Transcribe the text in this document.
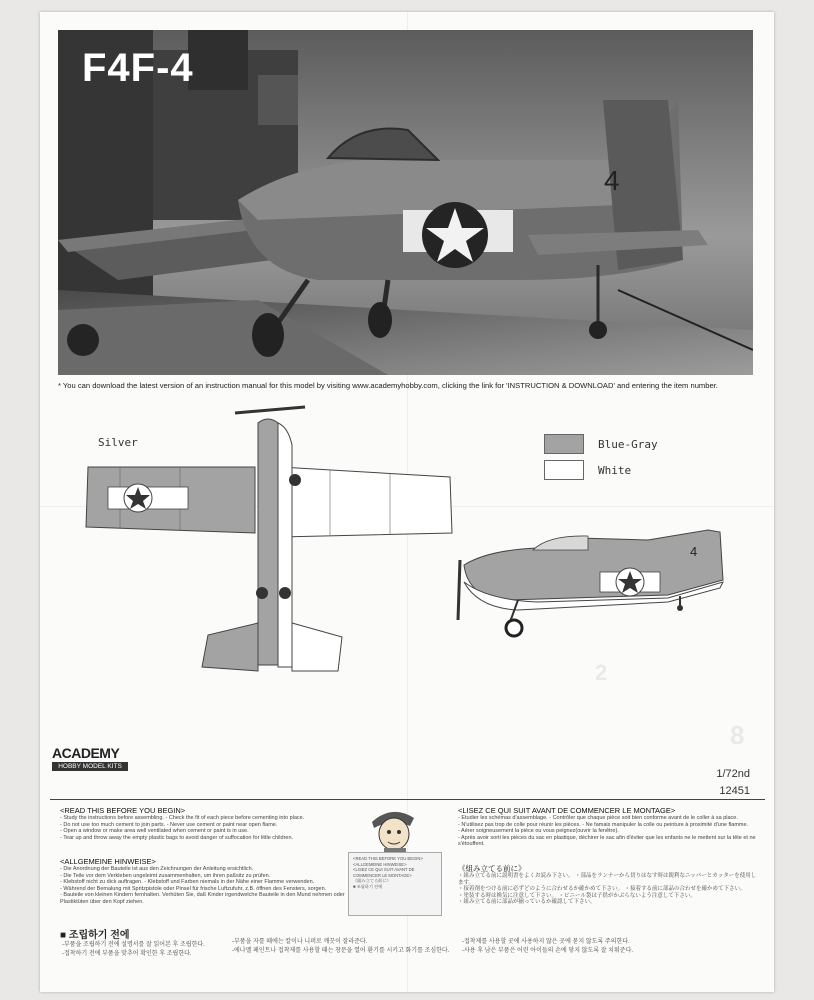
4
F4F-4
* You can download the latest version of an instruction manual for this model by visiting www.academyhobby.com, clicking the link for 'INSTRUCTION & DOWNLOAD' and entering the item number.
Silver	Blue-Gray
White
4
2
8
ACADEMY
HOBBY MODEL KITS
1/72nd
12451
<READ THIS BEFORE YOU BEGIN>
- Study the instructions before assembling. - Check the fit of each piece before cementing into place.
- Do not use too much cement to join parts. - Never use cement or paint near open flame.
- Open a window or make area well ventilated when cement or paint is in use.
- Tear up and throw away the empty plastic bags to avoid danger of suffocation for little children.
<ALLGEMEINE HINWEISE>
- Die Anordnung der Bauteile ist aus den Zeichnungen der Anleitung ersichtlich.
- Die Teile vor dem Verkleben ungeleimt zusammenhalten, um ihren paßsitz zu prüfen.
- Klebstoff nicht zu dick auftragen. - Klebstoff und Farben niemals in der Nähe einer Flamme verwenden.
- Während der Bemalung mit Spritzpistole oder Pinsel für frische Luftzufuhr, z.B. öffnen des Fensters, sorgen.
- Bauteile von kleinen Kindern fernhalten. Verhüten Sie, daß Kinder irgendwelche Bauteile in den Mund nehmen oder Plastiktüten über den Kopf ziehen.
<READ THIS BEFORE YOU BEGIN>
<ALLGEMEINE HINWEISE>
<LISEZ CE QUI SUIT AVANT DE COMMENCER LE MONTAGE>
《組み立てる前に》
■ 조립하기 전에
<LISEZ CE QUI SUIT AVANT DE COMMENCER LE MONTAGE>
- Etudier les schémas d'assemblage. - Contrôler que chaque pièce soit bien conforme avant de le coller à sa place.
- N'utilisez pas trop de colle pour réunir les pièces. - Ne famais manipuler la colle ou peinture à proximité d'une flamme.
- Aérer soigneusement la pièce ou vous peignez(ouvrir la fenêtre).
- Après avoir sorti les pièces du sac en plastique, déchirer le sac afin d'éviter que les enfants ne le mettent sur la tête et ne s'étouffent.
《組み立てる前に》
・組み立てる前に説明書をよくお読み下さい。 ・部品をランナーから切りはなす時は鋭利なニッパーとカッターを使用します。
・接着剤をつける前に必ずどのように合わせるか確かめて下さい。 ・接着する前に部品の合わせを確かめて下さい。
・塗装する時は換気に注意して下さい。 ・ビニール袋は子供がかぶらないよう注意して下さい。
・組み立てる前に部品が揃っているか確認して下さい。
■ 조립하기 전에
-부품을 조립하기 전에 설명서를 잘 읽어본 후 조립한다.
-접착하기 전에 부품을 맞추어 확인한 후 조립한다.
-부품을 자를 때에는 칼이나 니퍼로 깨끗이 잘라준다.
-에나멜 페인트나 접착제를 사용할 때는 창문을 열어 환기를 시키고 화기를 조심한다.
-접착제를 사용할 곳에 사용하지 않은 곳에 묻지 않도록 주의한다.
-사용 후 남은 부품은 어린 아이들의 손에 닿지 않도록 잘 치워준다.
